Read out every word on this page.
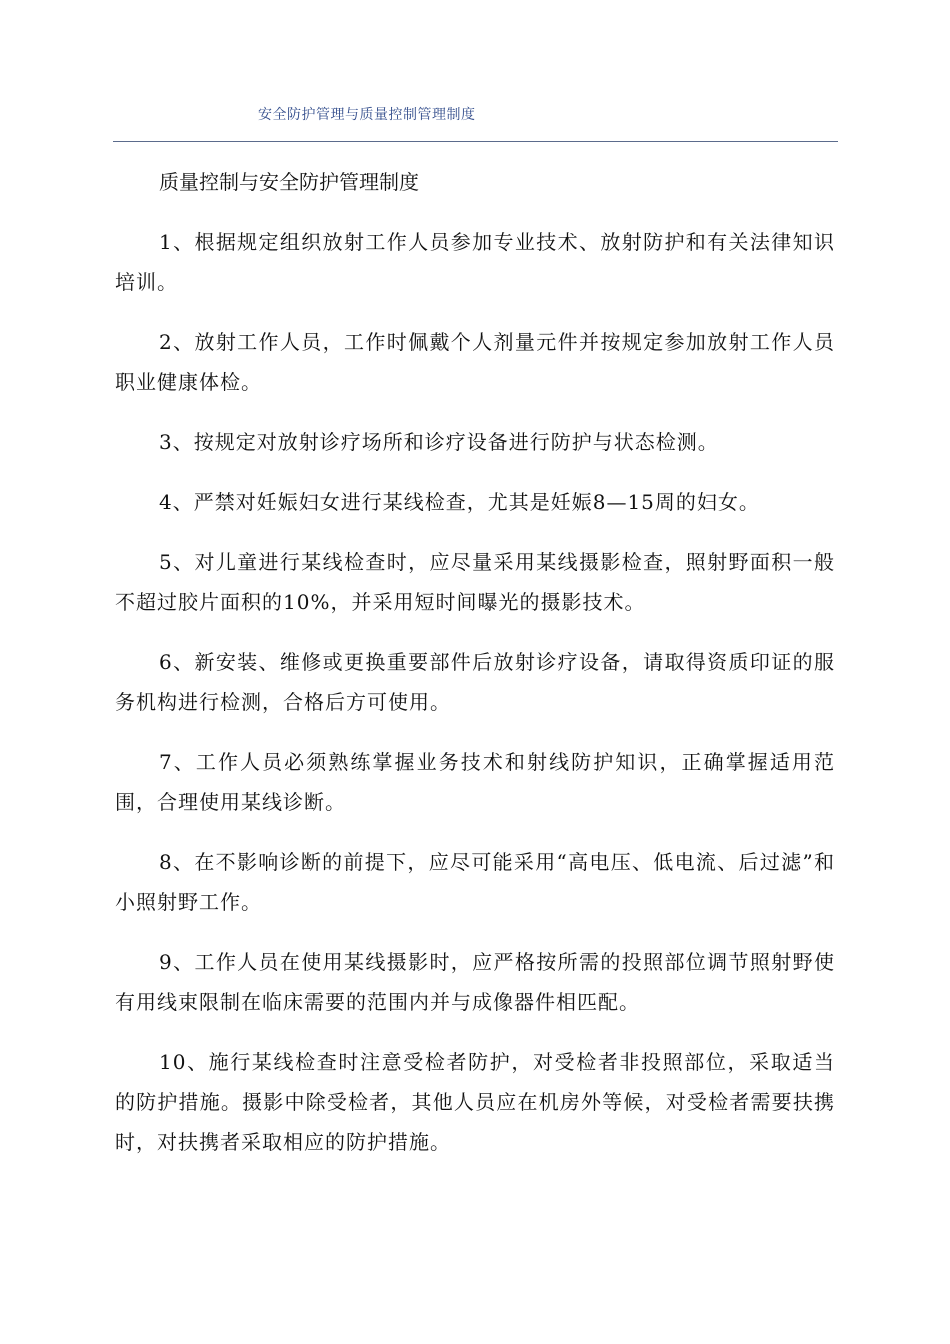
安全防护管理与质量控制管理制度
质量控制与安全防护管理制度

1、根据规定组织放射工作人员参加专业技术、放射防护和有关法律知识培训。

2、放射工作人员，工作时佩戴个人剂量元件并按规定参加放射工作人员职业健康体检。

3、按规定对放射诊疗场所和诊疗设备进行防护与状态检测。

4、严禁对妊娠妇女进行某线检查，尤其是妊娠8—15周的妇女。

5、对儿童进行某线检查时，应尽量采用某线摄影检查，照射野面积一般不超过胶片面积的10%，并采用短时间曝光的摄影技术。

6、新安装、维修或更换重要部件后放射诊疗设备，请取得资质印证的服务机构进行检测，合格后方可使用。

7、工作人员必须熟练掌握业务技术和射线防护知识，正确掌握适用范围，合理使用某线诊断。

8、在不影响诊断的前提下，应尽可能采用“高电压、低电流、后过滤”和小照射野工作。

9、工作人员在使用某线摄影时，应严格按所需的投照部位调节照射野使有用线束限制在临床需要的范围内并与成像器件相匹配。

10、施行某线检查时注意受检者防护，对受检者非投照部位，采取适当的防护措施。摄影中除受检者，其他人员应在机房外等候，对受检者需要扶携时，对扶携者采取相应的防护措施。
